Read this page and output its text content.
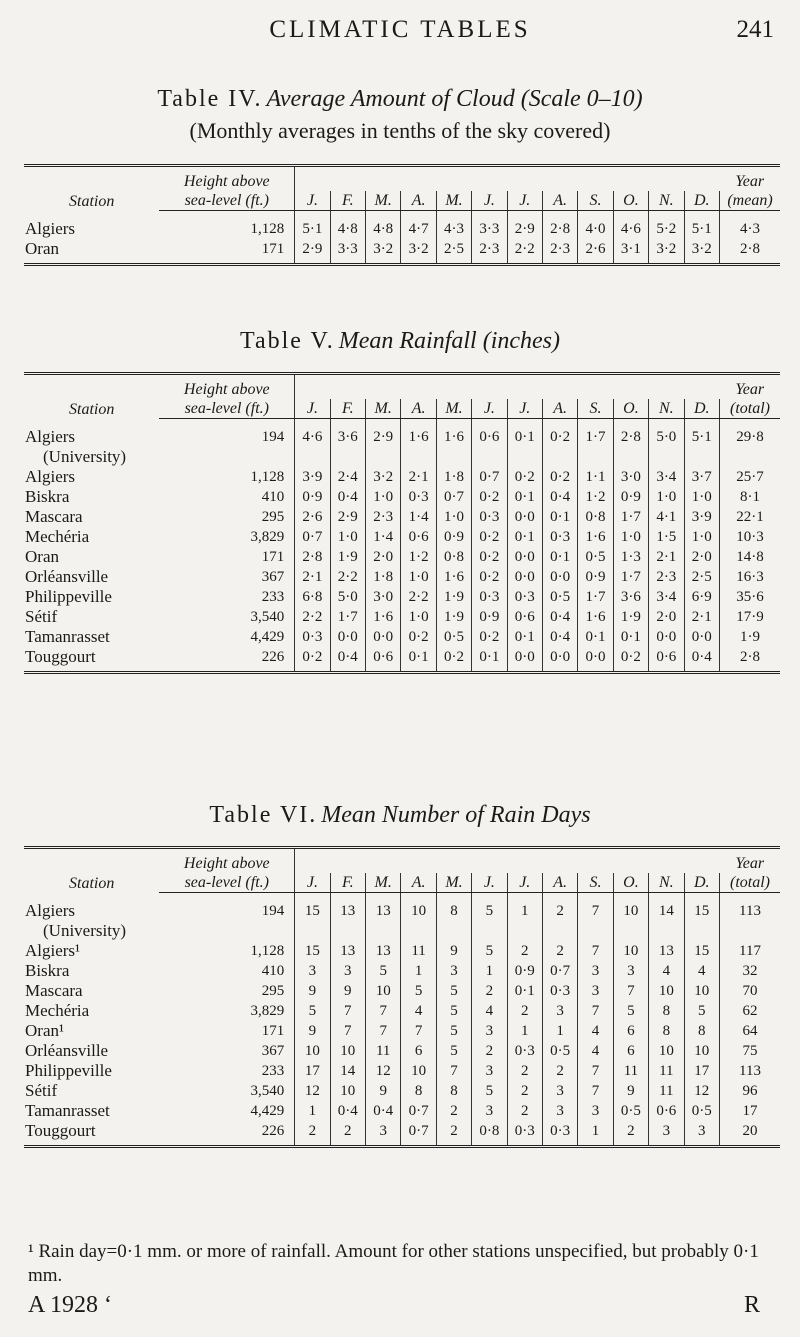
CLIMATIC TABLES	241
Table IV. Average Amount of Cloud (Scale 0–10)
(Monthly averages in tenths of the sky covered)
Station	Height above													Year
	sea-level (ft.)	J.	F.	M.	A.	M.	J.	J.	A.	S.	O.	N.	D.	(mean)
Algiers	1,128	5·1	4·8	4·8	4·7	4·3	3·3	2·9	2·8	4·0	4·6	5·2	5·1	4·3
Oran	171	2·9	3·3	3·2	3·2	2·5	2·3	2·2	2·3	2·6	3·1	3·2	3·2	2·8
Table V. Mean Rainfall (inches)
Station	Height above													Year
	sea-level (ft.)	J.	F.	M.	A.	M.	J.	J.	A.	S.	O.	N.	D.	(total)
Algiers
(University)	194	4·6	3·6	2·9	1·6	1·6	0·6	0·1	0·2	1·7	2·8	5·0	5·1	29·8
Algiers	1,128	3·9	2·4	3·2	2·1	1·8	0·7	0·2	0·2	1·1	3·0	3·4	3·7	25·7
Biskra	410	0·9	0·4	1·0	0·3	0·7	0·2	0·1	0·4	1·2	0·9	1·0	1·0	8·1
Mascara	295	2·6	2·9	2·3	1·4	1·0	0·3	0·0	0·1	0·8	1·7	4·1	3·9	22·1
Mechéria	3,829	0·7	1·0	1·4	0·6	0·9	0·2	0·1	0·3	1·6	1·0	1·5	1·0	10·3
Oran	171	2·8	1·9	2·0	1·2	0·8	0·2	0·0	0·1	0·5	1·3	2·1	2·0	14·8
Orléansville	367	2·1	2·2	1·8	1·0	1·6	0·2	0·0	0·0	0·9	1·7	2·3	2·5	16·3
Philippeville	233	6·8	5·0	3·0	2·2	1·9	0·3	0·3	0·5	1·7	3·6	3·4	6·9	35·6
Sétif	3,540	2·2	1·7	1·6	1·0	1·9	0·9	0·6	0·4	1·6	1·9	2·0	2·1	17·9
Tamanrasset	4,429	0·3	0·0	0·0	0·2	0·5	0·2	0·1	0·4	0·1	0·1	0·0	0·0	1·9
Touggourt	226	0·2	0·4	0·6	0·1	0·2	0·1	0·0	0·0	0·0	0·2	0·6	0·4	2·8
Table VI. Mean Number of Rain Days
Station	Height above													Year
	sea-level (ft.)	J.	F.	M.	A.	M.	J.	J.	A.	S.	O.	N.	D.	(total)
Algiers
(University)	194	15	13	13	10	8	5	1	2	7	10	14	15	113
Algiers¹	1,128	15	13	13	11	9	5	2	2	7	10	13	15	117
Biskra	410	3	3	5	1	3	1	0·9	0·7	3	3	4	4	32
Mascara	295	9	9	10	5	5	2	0·1	0·3	3	7	10	10	70
Mechéria	3,829	5	7	7	4	5	4	2	3	7	5	8	5	62
Oran¹	171	9	7	7	7	5	3	1	1	4	6	8	8	64
Orléansville	367	10	10	11	6	5	2	0·3	0·5	4	6	10	10	75
Philippeville	233	17	14	12	10	7	3	2	2	7	11	11	17	113
Sétif	3,540	12	10	9	8	8	5	2	3	7	9	11	12	96
Tamanrasset	4,429	1	0·4	0·4	0·7	2	3	2	3	3	0·5	0·6	0·5	17
Touggourt	226	2	2	3	0·7	2	0·8	0·3	0·3	1	2	3	3	20
¹ Rain day=0·1 mm. or more of rainfall. Amount for other stations unspecified, but probably 0·1 mm.
A 1928 ‘	R
